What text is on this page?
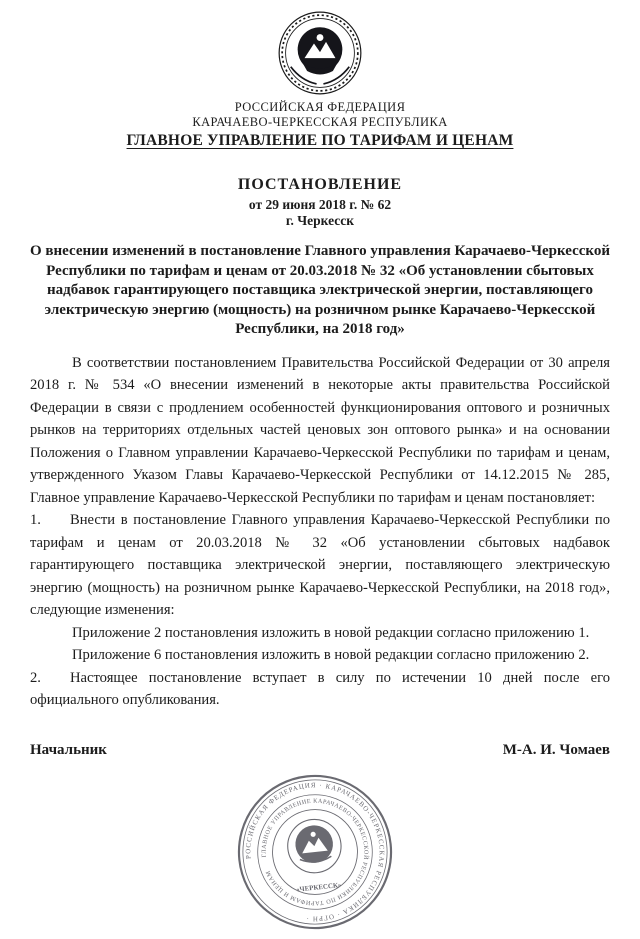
РОССИЙСКАЯ ФЕДЕРАЦИЯ
КАРАЧАЕВО-ЧЕРКЕССКАЯ РЕСПУБЛИКА
ГЛАВНОЕ УПРАВЛЕНИЕ ПО ТАРИФАМ И ЦЕНАМ
ПОСТАНОВЛЕНИЕ
от 29 июня 2018 г. № 62
г. Черкесск
О внесении изменений в постановление Главного управления Карачаево-Черкесской Республики по тарифам и ценам от 20.03.2018 № 32 «Об установлении сбытовых надбавок гарантирующего поставщика электрической энергии, поставляющего электрическую энергию (мощность) на розничном рынке Карачаево-Черкесской Республики, на 2018 год»

В соответствии постановлением Правительства Российской Федерации от 30 апреля 2018 г. № 534 «О внесении изменений в некоторые акты правительства Российской Федерации в связи с продлением особенностей функционирования оптового и розничных рынков на территориях отдельных частей ценовых зон оптового рынка» и на основании Положения о Главном управлении Карачаево-Черкесской Республики по тарифам и ценам, утвержденного Указом Главы Карачаево-Черкесской Республики от 14.12.2015 № 285, Главное управление Карачаево-Черкесской Республики по тарифам и ценам постановляет:

1. Внести в постановление Главного управления Карачаево-Черкесской Республики по тарифам и ценам от 20.03.2018 № 32 «Об установлении сбытовых надбавок гарантирующего поставщика электрической энергии, поставляющего электрическую энергию (мощность) на розничном рынке Карачаево-Черкесской Республики, на 2018 год», следующие изменения:

Приложение 2 постановления изложить в новой редакции согласно приложению 1.

Приложение 6 постановления изложить в новой редакции согласно приложению 2.

2. Настоящее постановление вступает в силу по истечении 10 дней после его официального опубликования.

Начальник	М-А. И. Чомаев
РОССИЙСКАЯ ФЕДЕРАЦИЯ · КАРАЧАЕВО-ЧЕРКЕССКАЯ РЕСПУБЛИКА · ОГРН ·
ГЛАВНОЕ УПРАВЛЕНИЕ КАРАЧАЕВО-ЧЕРКЕССКОЙ РЕСПУБЛИКИ ПО ТАРИФАМ И ЦЕНАМ
«ЧЕРКЕССК»
